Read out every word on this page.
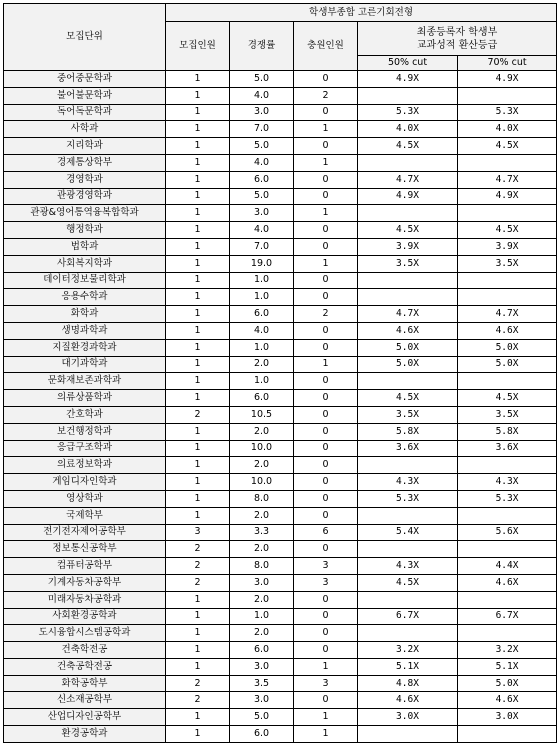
모집단위	학생부종합 고른기회전형				
	모집인원	경쟁률	충원인원	최종등록자 학생부
교과성적 환산등급	
				50% cut	70% cut
중어중문학과	1	5.0	0	4.9X	4.9X
불어불문학과	1	4.0	2		
독어독문학과	1	3.0	0	5.3X	5.3X
사학과	1	7.0	1	4.0X	4.0X
지리학과	1	5.0	0	4.5X	4.5X
경제통상학부	1	4.0	1		
경영학과	1	6.0	0	4.7X	4.7X
관광경영학과	1	5.0	0	4.9X	4.9X
관광&영어통역융복합학과	1	3.0	1		
행정학과	1	4.0	0	4.5X	4.5X
법학과	1	7.0	0	3.9X	3.9X
사회복지학과	1	19.0	1	3.5X	3.5X
데이터정보물리학과	1	1.0	0		
응용수학과	1	1.0	0		
화학과	1	6.0	2	4.7X	4.7X
생명과학과	1	4.0	0	4.6X	4.6X
지질환경과학과	1	1.0	0	5.0X	5.0X
대기과학과	1	2.0	1	5.0X	5.0X
문화재보존과학과	1	1.0	0		
의류상품학과	1	6.0	0	4.5X	4.5X
간호학과	2	10.5	0	3.5X	3.5X
보건행정학과	1	2.0	0	5.8X	5.8X
응급구조학과	1	10.0	0	3.6X	3.6X
의료정보학과	1	2.0	0		
게임디자인학과	1	10.0	0	4.3X	4.3X
영상학과	1	8.0	0	5.3X	5.3X
국제학부	1	2.0	0		
전기전자제어공학부	3	3.3	6	5.4X	5.6X
정보통신공학부	2	2.0	0		
컴퓨터공학부	2	8.0	3	4.3X	4.4X
기계자동차공학부	2	3.0	3	4.5X	4.6X
미래자동차공학과	1	2.0	0		
사회환경공학과	1	1.0	0	6.7X	6.7X
도시융합시스템공학과	1	2.0	0		
건축학전공	1	6.0	0	3.2X	3.2X
건축공학전공	1	3.0	1	5.1X	5.1X
화학공학부	2	3.5	3	4.8X	5.0X
신소재공학부	2	3.0	0	4.6X	4.6X
산업디자인공학부	1	5.0	1	3.0X	3.0X
환경공학과	1	6.0	1		
